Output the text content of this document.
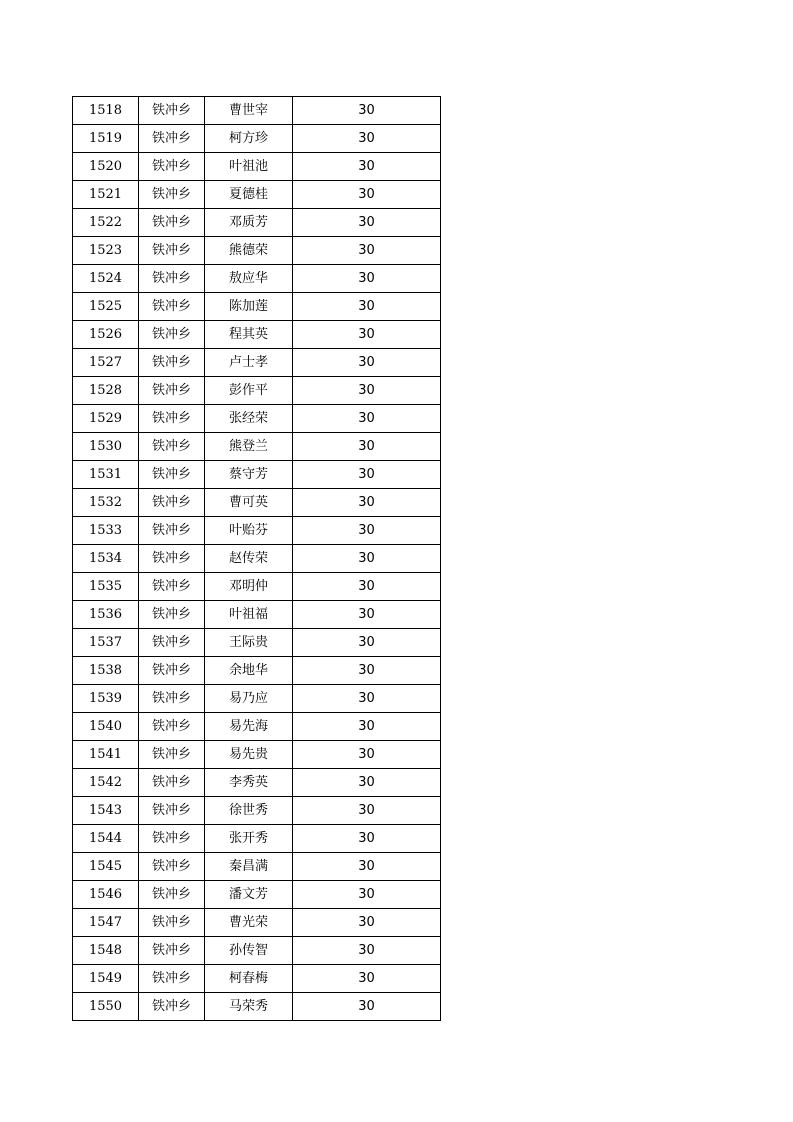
1518	铁冲乡	曹世宰	30
1519	铁冲乡	柯方珍	30
1520	铁冲乡	叶祖池	30
1521	铁冲乡	夏德桂	30
1522	铁冲乡	邓质芳	30
1523	铁冲乡	熊德荣	30
1524	铁冲乡	敖应华	30
1525	铁冲乡	陈加莲	30
1526	铁冲乡	程其英	30
1527	铁冲乡	卢士孝	30
1528	铁冲乡	彭作平	30
1529	铁冲乡	张经荣	30
1530	铁冲乡	熊登兰	30
1531	铁冲乡	蔡守芳	30
1532	铁冲乡	曹可英	30
1533	铁冲乡	叶贻芬	30
1534	铁冲乡	赵传荣	30
1535	铁冲乡	邓明仲	30
1536	铁冲乡	叶祖福	30
1537	铁冲乡	王际贵	30
1538	铁冲乡	余地华	30
1539	铁冲乡	易乃应	30
1540	铁冲乡	易先海	30
1541	铁冲乡	易先贵	30
1542	铁冲乡	李秀英	30
1543	铁冲乡	徐世秀	30
1544	铁冲乡	张开秀	30
1545	铁冲乡	秦昌满	30
1546	铁冲乡	潘文芳	30
1547	铁冲乡	曹光荣	30
1548	铁冲乡	孙传智	30
1549	铁冲乡	柯春梅	30
1550	铁冲乡	马荣秀	30
